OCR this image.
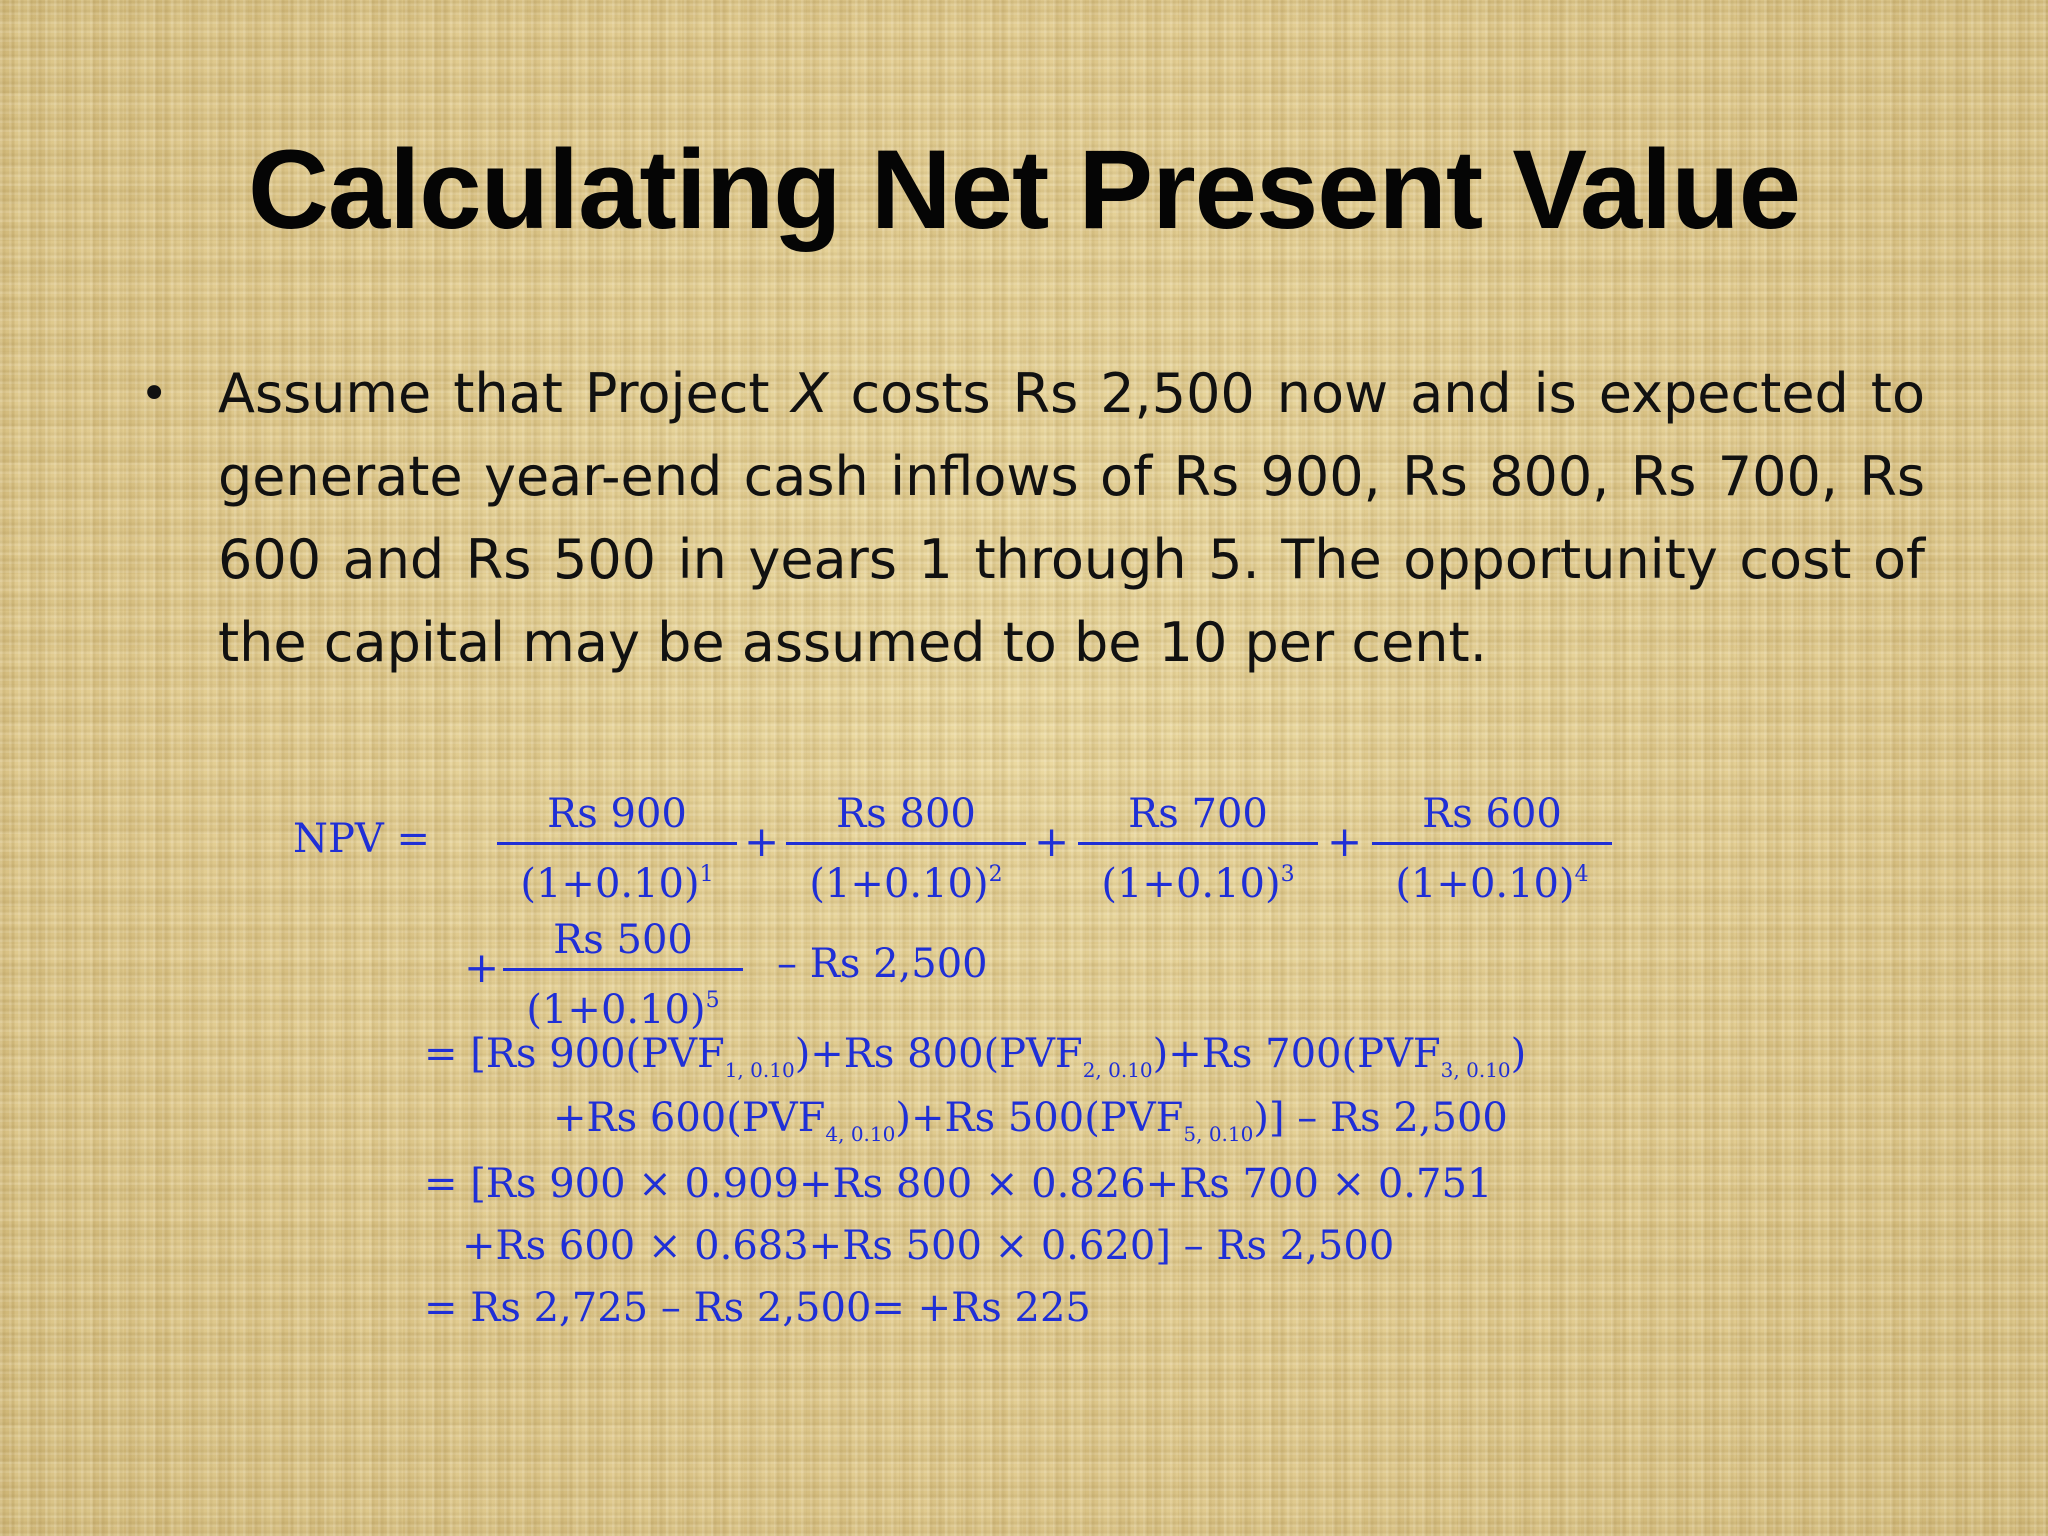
Calculating Net Present Value
• Assume that Project X costs Rs 2,500 now and is expected to generate year-end cash inflows of Rs 900, Rs 800, Rs 700, Rs 600 and Rs 500 in years 1 through 5. The opportunity cost of the capital may be assumed to be 10 per cent.
NPV =
Rs 900
$(1+0.10)^1$
+
Rs 800
$(1+0.10)^2$
+
Rs 700
$(1+0.10)^3$
+
Rs 600
$(1+0.10)^4$
+
Rs 500
$(1+0.10)^5$
– Rs 2,500
= [Rs $900(PVF_{1, 0.10})+Rs$ $800(PVF_{2, 0.10})+Rs$ $700(PVF_{3, 0.10})$
+Rs $600(PVF_{4, 0.10})+Rs$ $500(PVF_{5, 0.10})$] – Rs 2,500
= [Rs 900 × 0.909+Rs 800 × 0.826+Rs 700 × 0.751
+Rs 600 × 0.683+Rs 500 × 0.620] – Rs 2,500
= Rs 2,725 – Rs 2,500= +Rs 225
